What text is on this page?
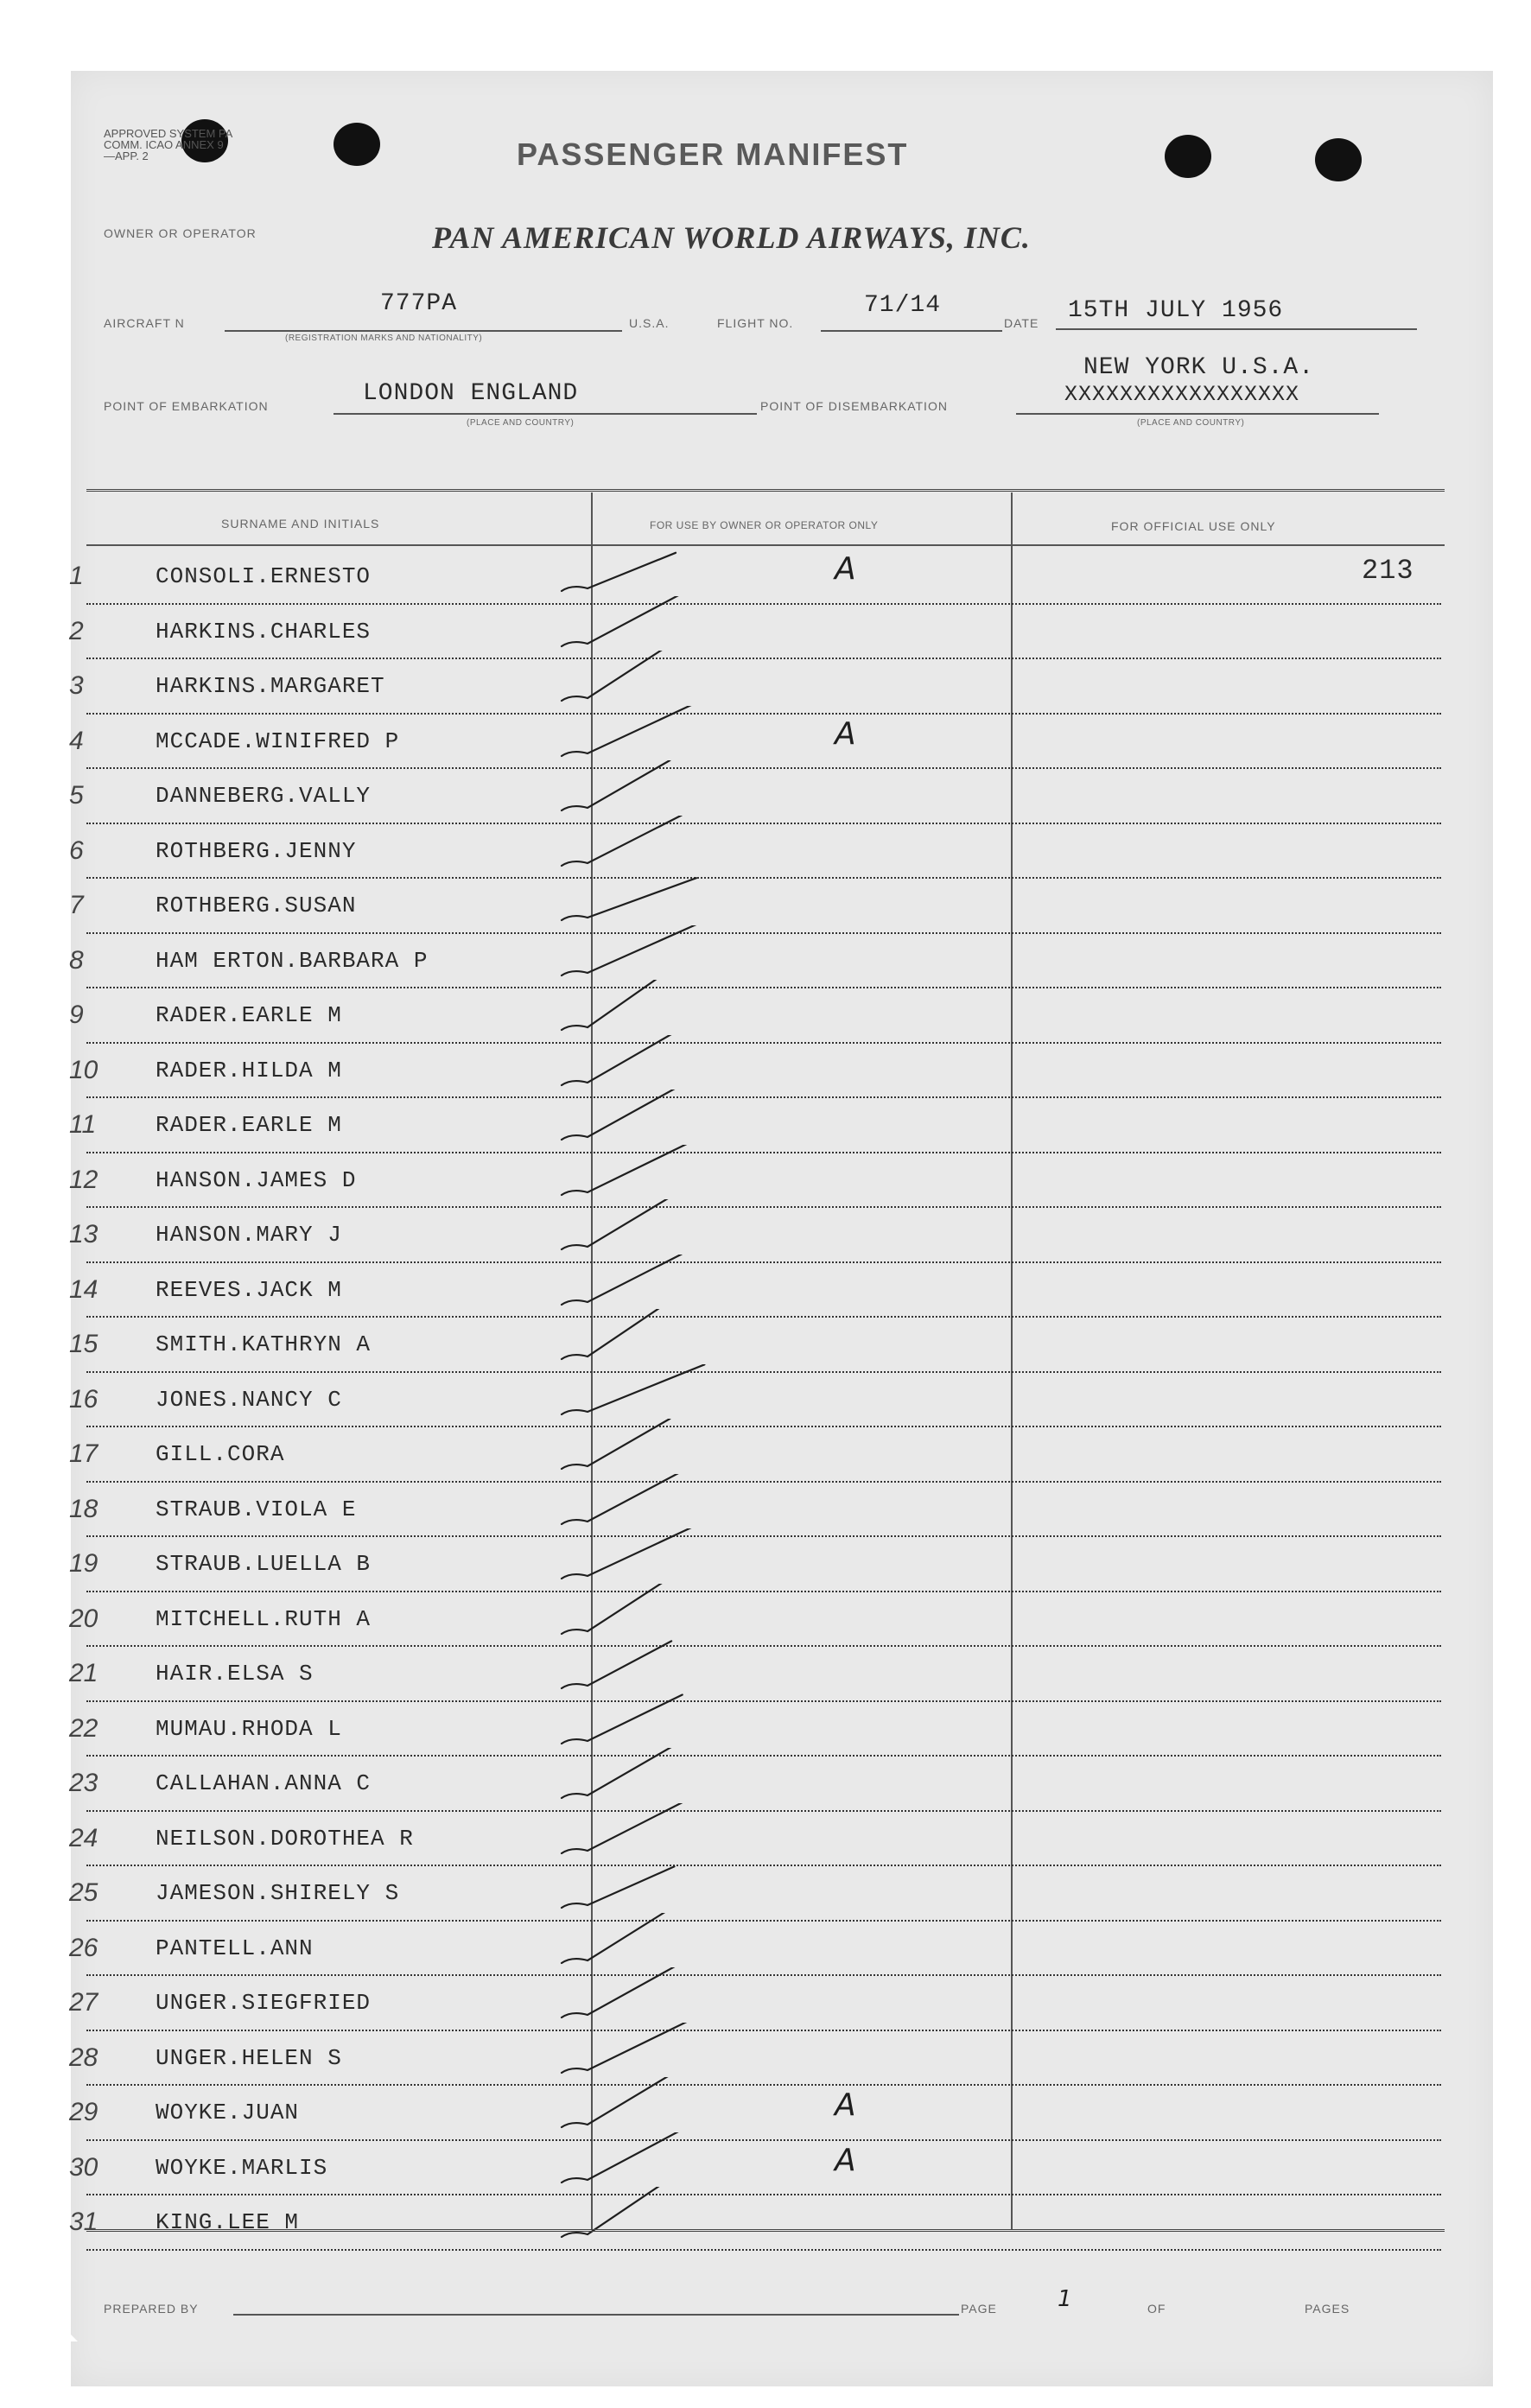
APPROVED SYSTEM PA COMM. ICAO ANNEX 9—APP. 2	PASSENGER MANIFEST
OWNER OR OPERATOR	PAN AMERICAN WORLD AIRWAYS, INC.
AIRCRAFT N
777PA
(REGISTRATION MARKS AND NATIONALITY)
U.S.A.	FLIGHT NO.
71/14
DATE 15TH JULY 1956
POINT OF EMBARKATION	LONDON ENGLAND
(PLACE AND COUNTRY)
POINT OF DISEMBARKATION
NEW YORK U.S.A.
XXXXXXXXXXXXXXXXX
(PLACE AND COUNTRY)
SURNAME AND INITIALS	FOR USE BY OWNER OR OPERATOR ONLY	FOR OFFICIAL USE ONLY
1	CONSOLI.ERNESTO	A	213
2	HARKINS.CHARLES
3	HARKINS.MARGARET
4	MCCADE.WINIFRED P	A
5	DANNEBERG.VALLY
6	ROTHBERG.JENNY
7	ROTHBERG.SUSAN
8	HAM ERTON.BARBARA P
9	RADER.EARLE M
10	RADER.HILDA M
11	RADER.EARLE M
12	HANSON.JAMES D
13	HANSON.MARY J
14	REEVES.JACK M
15	SMITH.KATHRYN A
16	JONES.NANCY C
17	GILL.CORA
18	STRAUB.VIOLA E
19	STRAUB.LUELLA B
20	MITCHELL.RUTH A
21	HAIR.ELSA S
22	MUMAU.RHODA L
23	CALLAHAN.ANNA C
24	NEILSON.DOROTHEA R
25	JAMESON.SHIRELY S
26	PANTELL.ANN
27	UNGER.SIEGFRIED
28	UNGER.HELEN S
29	WOYKE.JUAN	A
30	WOYKE.MARLIS	A
31	KING.LEE M
PREPARED BY	PAGE	1	OF	PAGES
